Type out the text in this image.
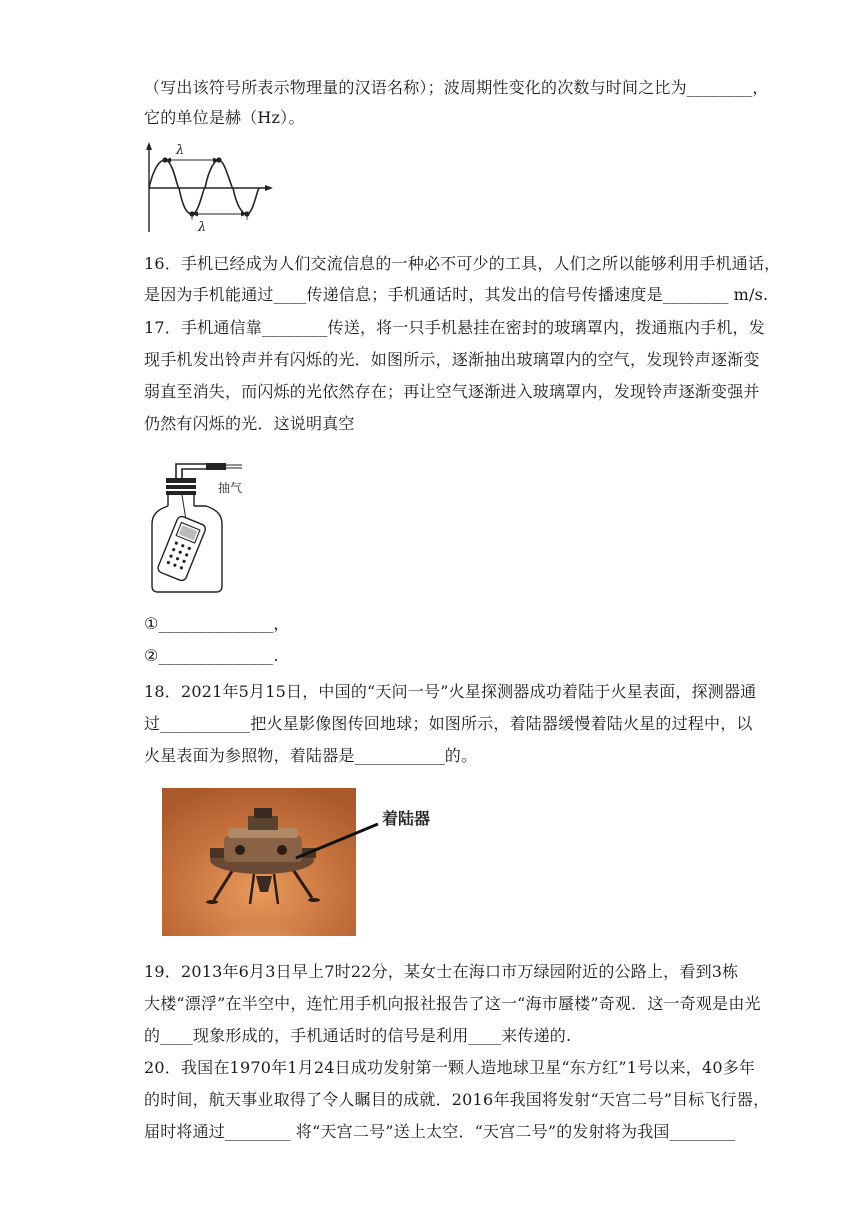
（写出该符号所表示物理量的汉语名称）；波周期性变化的次数与时间之比为________，
它的单位是赫（Hz）。
λ
λ
16．手机已经成为人们交流信息的一种必不可少的工具，人们之所以能够利用手机通话，
是因为手机能通过____传递信息；手机通话时，其发出的信号传播速度是________ m/s.
17．手机通信靠________传送，将一只手机悬挂在密封的玻璃罩内，拨通瓶内手机，发
现手机发出铃声并有闪烁的光．如图所示，逐渐抽出玻璃罩内的空气，发现铃声逐渐变
弱直至消失，而闪烁的光依然存在；再让空气逐渐进入玻璃罩内，发现铃声逐渐变强并
仍然有闪烁的光．这说明真空
抽气
①______________，
②______________.
18．2021年5月15日，中国的“天问一号”火星探测器成功着陆于火星表面，探测器通
过___________把火星影像图传回地球；如图所示，着陆器缓慢着陆火星的过程中，以
火星表面为参照物，着陆器是___________的。
着陆器
19．2013年6月3日早上7时22分，某女士在海口市万绿园附近的公路上，看到3栋
大楼“漂浮”在半空中，连忙用手机向报社报告了这一“海市蜃楼”奇观．这一奇观是由光
的____现象形成的，手机通话时的信号是利用____来传递的.
20．我国在1970年1月24日成功发射第一颗人造地球卫星“东方红”1号以来，40多年
的时间，航天事业取得了令人瞩目的成就．2016年我国将发射“天宫二号”目标飞行器，
届时将通过________ 将“天宫二号”送上太空．“天宫二号”的发射将为我国________
